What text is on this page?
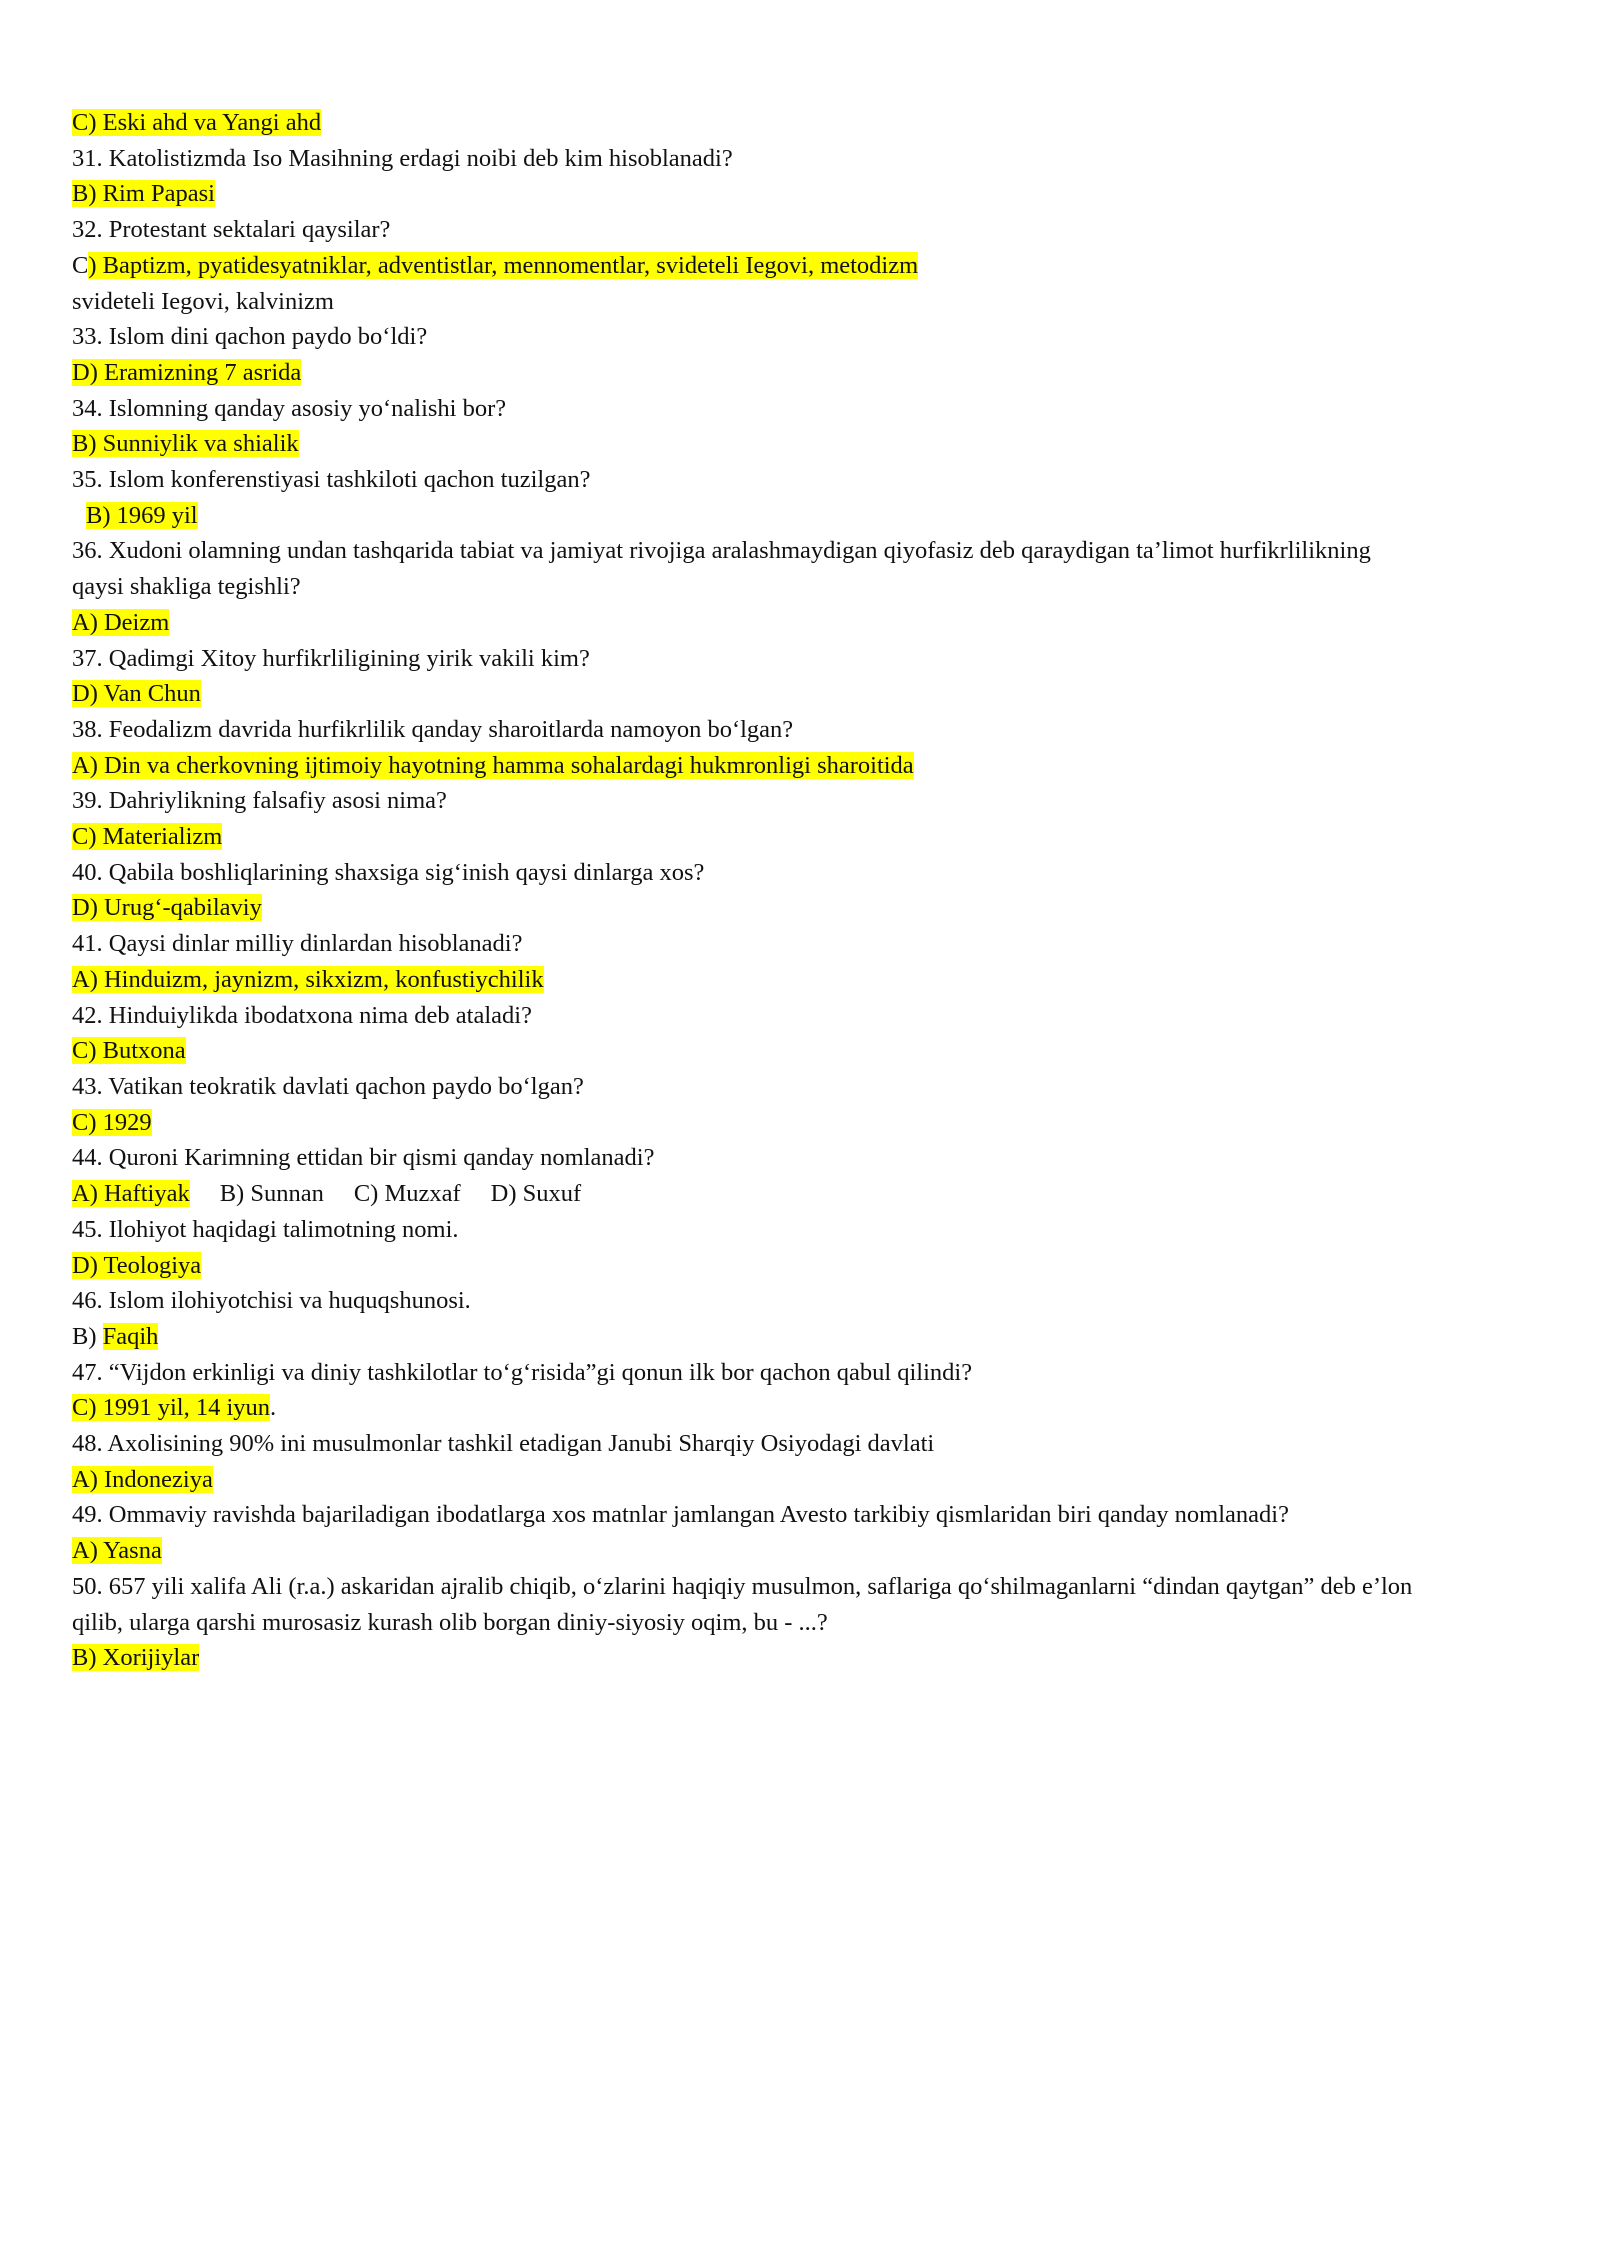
C) Eski ahd va Yangi ahd
31. Katolistizmda Iso Masihning erdagi noibi deb kim hisoblanadi?
B) Rim Papasi
32. Protestant sektalari qaysilar?
C) Baptizm, pyatidesyatniklar, adventistlar, mennomentlar, svideteli Iegovi, metodizm
svideteli Iegovi, kalvinizm
33. Islom dini qachon paydo bo‘ldi?
D) Eramizning 7 asrida
34. Islomning qanday asosiy yo‘nalishi bor?
B) Sunniylik va shialik
35. Islom konferenstiyasi tashkiloti qachon tuzilgan?
B) 1969 yil
36. Xudoni olamning undan tashqarida tabiat va jamiyat rivojiga aralashmaydigan qiyofasiz deb qaraydigan ta’limot hurfikrlilikning
qaysi shakliga tegishli?
A) Deizm
37. Qadimgi Xitoy hurfikrliligining yirik vakili kim?
D) Van Chun
38. Feodalizm davrida hurfikrlilik qanday sharoitlarda namoyon bo‘lgan?
A) Din va cherkovning ijtimoiy hayotning hamma sohalardagi hukmronligi sharoitida
39. Dahriylikning falsafiy asosi nima?
C) Materializm
40. Qabila boshliqlarining shaxsiga sig‘inish qaysi dinlarga xos?
D) Urug‘-qabilaviy
41. Qaysi dinlar milliy dinlardan hisoblanadi?
A) Hinduizm, jaynizm, sikxizm, konfustiychilik
42. Hinduiylikda ibodatxona nima deb ataladi?
C) Butxona
43. Vatikan teokratik davlati qachon paydo bo‘lgan?
C) 1929
44. Quroni Karimning ettidan bir qismi qanday nomlanadi?
A) Haftiyak B) Sunnan C) Muzxaf D) Suxuf
45. Ilohiyot haqidagi talimotning nomi.
D) Teologiya
46. Islom ilohiyotchisi va huquqshunosi.
B) Faqih
47. “Vijdon erkinligi va diniy tashkilotlar to‘g‘risida”gi qonun ilk bor qachon qabul qilindi?
C) 1991 yil, 14 iyun.
48. Axolisining 90% ini musulmonlar tashkil etadigan Janubi Sharqiy Osiyodagi davlati
A) Indoneziya
49. Ommaviy ravishda bajariladigan ibodatlarga xos matnlar jamlangan Avesto tarkibiy qismlaridan biri qanday nomlanadi?
A) Yasna
50. 657 yili xalifa Ali (r.a.) askaridan ajralib chiqib, o‘zlarini haqiqiy musulmon, saflariga qo‘shilmaganlarni “dindan qaytgan” deb e’lon
qilib, ularga qarshi murosasiz kurash olib borgan diniy-siyosiy oqim, bu - ...?
B) Xorijiylar
